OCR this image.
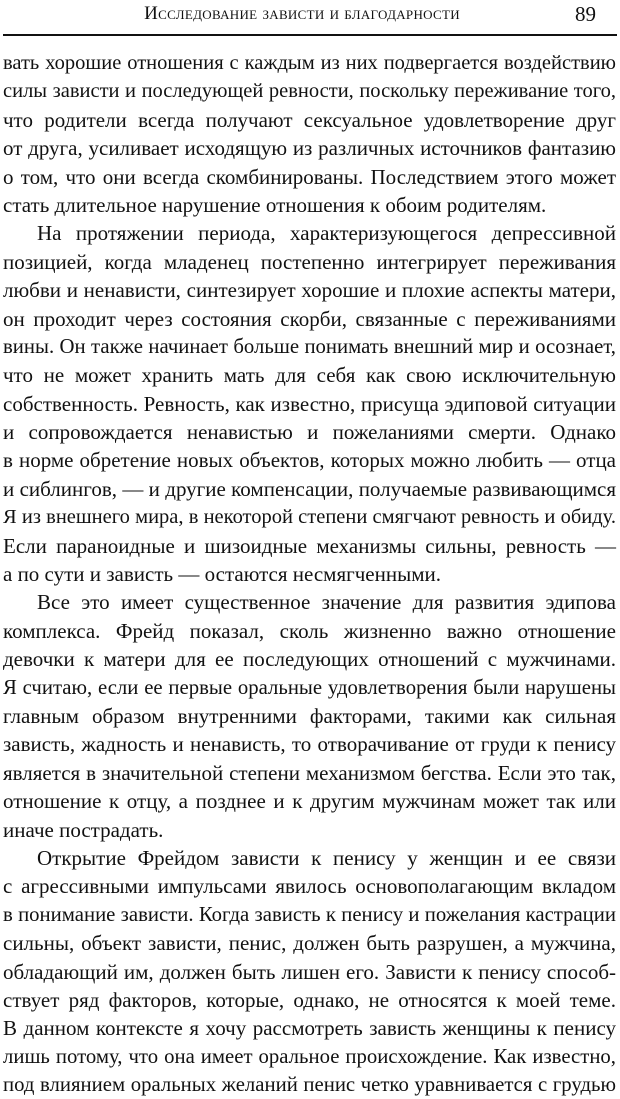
Исследование зависти и благодарности	89
вать хорошие отношения с каждым из них подвергается воздействию
силы зависти и последующей ревности, поскольку переживание того,
что родители всегда получают сексуальное удовлетворение друг
от друга, усиливает исходящую из различных источников фантазию
о том, что они всегда скомбинированы. Последствием этого может
стать длительное нарушение отношения к обоим родителям.
На протяжении периода, характеризующегося депрессивной
позицией, когда младенец постепенно интегрирует переживания
любви и ненависти, синтезирует хорошие и плохие аспекты матери,
он проходит через состояния скорби, связанные с переживаниями
вины. Он также начинает больше понимать внешний мир и осознает,
что не может хранить мать для себя как свою исключительную
собственность. Ревность, как известно, присуща эдиповой ситуации
и сопровождается ненавистью и пожеланиями смерти. Однако
в норме обретение новых объектов, которых можно любить — отца
и сиблингов, — и другие компенсации, получаемые развивающимся
Я из внешнего мира, в некоторой степени смягчают ревность и обиду.
Если параноидные и шизоидные механизмы сильны, ревность —
а по сути и зависть — остаются несмягченными.
Все это имеет существенное значение для развития эдипова
комплекса. Фрейд показал, сколь жизненно важно отношение
девочки к матери для ее последующих отношений с мужчинами.
Я считаю, если ее первые оральные удовлетворения были нарушены
главным образом внутренними факторами, такими как сильная
зависть, жадность и ненависть, то отворачивание от груди к пенису
является в значительной степени механизмом бегства. Если это так,
отношение к отцу, а позднее и к другим мужчинам может так или
иначе пострадать.
Открытие Фрейдом зависти к пенису у женщин и ее связи
с агрессивными импульсами явилось основополагающим вкладом
в понимание зависти. Когда зависть к пенису и пожелания кастрации
сильны, объект зависти, пенис, должен быть разрушен, а мужчина,
обладающий им, должен быть лишен его. Зависти к пенису способ-
ствует ряд факторов, которые, однако, не относятся к моей теме.
В данном контексте я хочу рассмотреть зависть женщины к пенису
лишь потому, что она имеет оральное происхождение. Как известно,
под влиянием оральных желаний пенис четко уравнивается с грудью
